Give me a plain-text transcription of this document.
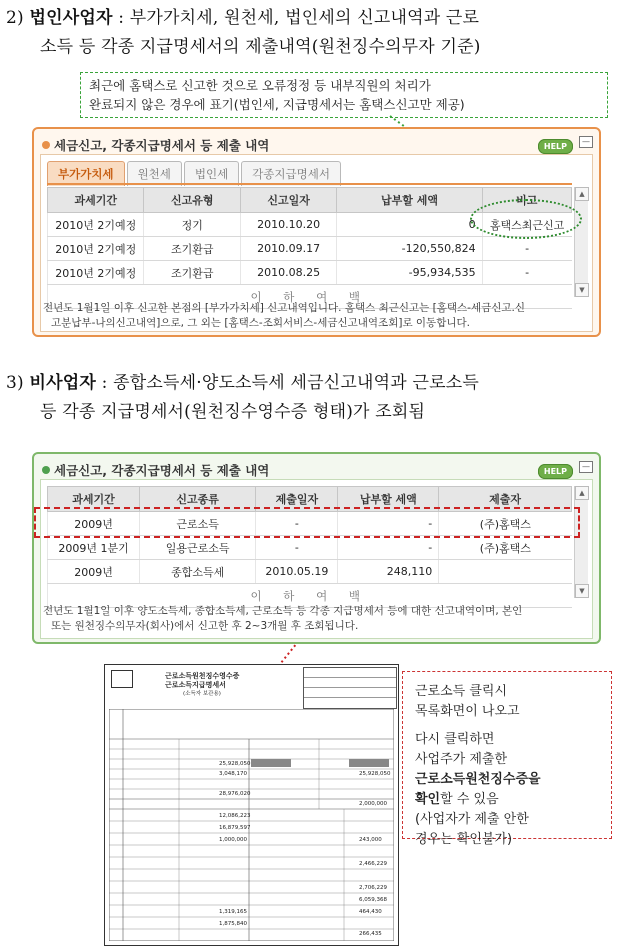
2) 법인사업자 : 부가가치세, 원천세, 법인세의 신고내역과 근로
소득 등 각종 지급명세서의 제출내역(원천징수의무자 기준)
최근에 홈택스로 신고한 것으로 오류정정 등 내부직원의 처리가
완료되지 않은 경우에 표기(법인세, 지급명세서는 홈택스신고만 제공)
세금신고, 각종지급명세서 등 제출 내역	HELP
—
부가가치세	원천세	법인세	각종지급명세서
과세기간	신고유형	신고일자	납부할 세액	비고
2010년 2기예정	정기	2010.10.20	0	홈택스최근신고
2010년 2기예정	조기환급	2010.09.17	-120,550,824	-
2010년 2기예정	조기환급	2010.08.25	-95,934,535	-
이 하 여 백				
▲
▼
전년도 1월1일 이후 신고한 본점의 [부가가치세] 신고내역입니다. 홈택스 최근신고는 [홈택스-세금신고.신
고분납부-나의신고내역]으로, 그 외는 [홈택스-조회서비스-세금신고내역조회]로 이동합니다.
3) 비사업자 : 종합소득세·양도소득세 세금신고내역과 근로소득
등 각종 지급명세서(원천징수영수증 형태)가 조회됨
세금신고, 각종지급명세서 등 제출 내역	HELP
—
과세기간	신고종류	제출일자	납부할 세액	제출자
2009년	근로소득	-	-	(주)홈택스
2009년 1분기	일용근로소득	-	-	(주)홈택스
2009년	종합소득세	2010.05.19	248,110	
이 하 여 백				
▲
▼
전년도 1월1일 이후 양도소득세, 종합소득세, 근로소득 등 각종 지급명세서 등에 대한 신고내역이며, 본인
또는 원천징수의무자(회사)에서 신고한 후 2~3개월 후 조회됩니다.
근로소득원천징수영수증
근로소득지급명세서
(소득자 보관용)
25,928,050
3,048,170	25,928,050
28,976,020
2,000,000
12,086,223
16,879,597
1,000,000	243,000
2,466,229
2,706,229
6,059,368
464,430
1,319,165
1,875,840
266,435
근로소득 클릭시
목록화면이 나오고
다시 클릭하면
사업주가 제출한
근로소득원천징수증을
확인할 수 있음
(사업자가 제출 안한
경우는 확인불가)
